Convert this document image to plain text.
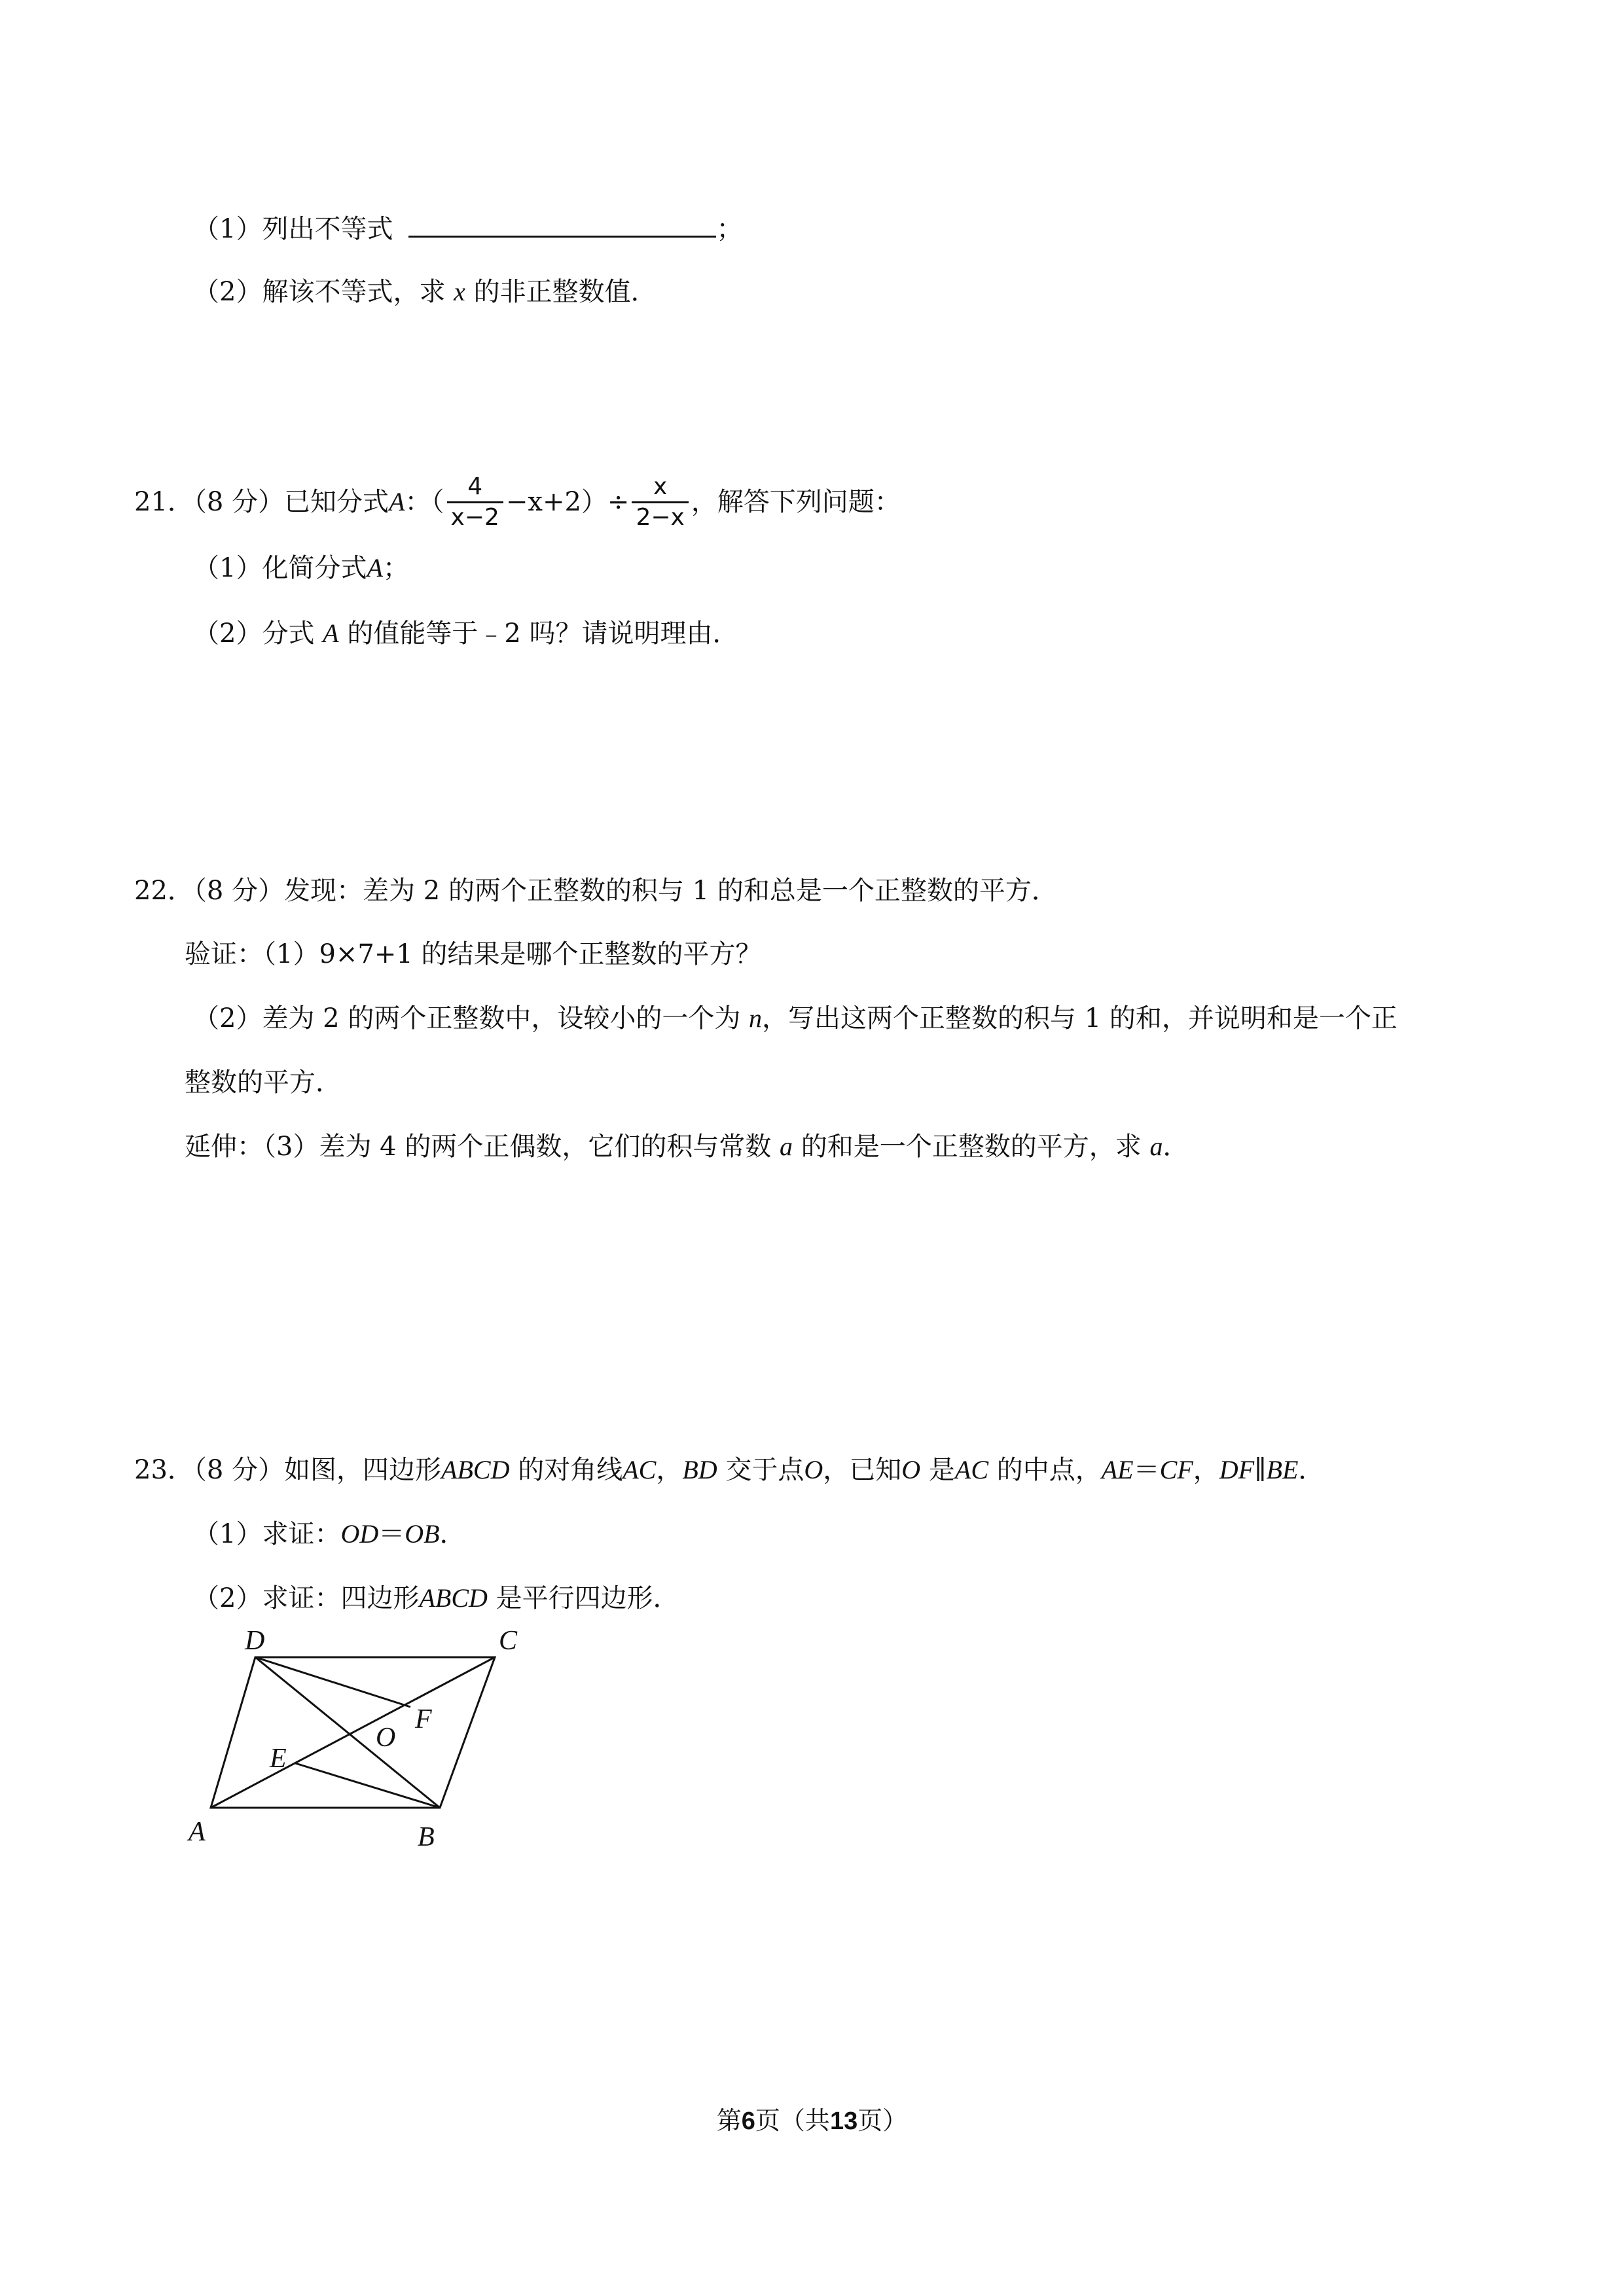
（1）列出不等式	；
（2）解该不等式，求 x 的非正整数值．
21．（8 分）已知分式 A ：（ $\frac{4}{x-2} -x+2)\div \frac{x}{2-x}$ ，解答下列问题：
（1）化简分式A；
（2）分式 A 的值能等于﹣2 吗？请说明理由．
22．（8 分）发现：差为 2 的两个正整数的积与 1 的和总是一个正整数的平方．
验证：（1）9×7+1 的结果是哪个正整数的平方？
（2）差为 2 的两个正整数中，设较小的一个为 n，写出这两个正整数的积与 1 的和，并说明和是一个正
整数的平方．
延伸：（3）差为 4 的两个正偶数，它们的积与常数 a 的和是一个正整数的平方，求 a．
23．（8 分）如图，四边形ABCD 的对角线AC，BD 交于点O，已知O 是AC 的中点，AE＝CF，DF∥BE．
（1）求证：OD＝OB．
（2）求证：四边形ABCD 是平行四边形．
D	C
A	B
E
F
O
第6页（共13页）
